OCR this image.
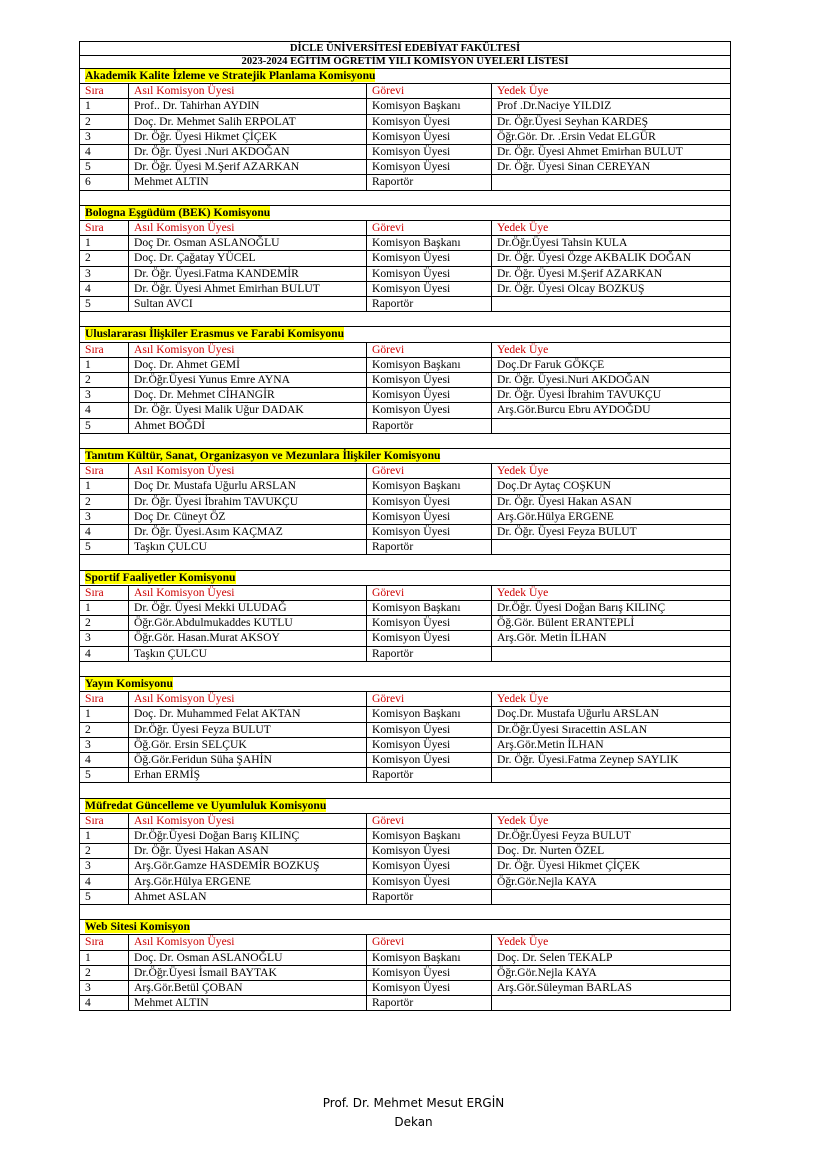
DİCLE ÜNİVERSİTESİ EDEBİYAT FAKÜLTESİ			
2023-2024 EĞİTİM ÖĞRETİM YILI KOMİSYON ÜYELERİ LİSTESİ			
Akademik Kalite İzleme ve Stratejik Planlama Komisyonu			
Sıra	Asıl Komisyon Üyesi	Görevi	Yedek Üye
1	Prof.. Dr. Tahirhan AYDIN	Komisyon Başkanı	Prof .Dr.Naciye YILDIZ
2	Doç. Dr. Mehmet Salih ERPOLAT	Komisyon Üyesi	Dr. Öğr.Üyesi Seyhan KARDEŞ
3	Dr. Öğr. Üyesi Hikmet ÇİÇEK	Komisyon Üyesi	Öğr.Gör. Dr. .Ersin Vedat ELGÜR
4	Dr. Öğr. Üyesi .Nuri AKDOĞAN	Komisyon Üyesi	Dr. Öğr. Üyesi Ahmet Emirhan BULUT
5	Dr. Öğr. Üyesi M.Şerif AZARKAN	Komisyon Üyesi	Dr. Öğr. Üyesi Sinan CEREYAN
6	Mehmet ALTIN	Raportör	

Bologna Eşgüdüm (BEK) Komisyonu			
Sıra	Asıl Komisyon Üyesi	Görevi	Yedek Üye
1	Doç Dr. Osman ASLANOĞLU	Komisyon Başkanı	Dr.Öğr.Üyesi Tahsin KULA
2	Doç. Dr. Çağatay YÜCEL	Komisyon Üyesi	Dr. Öğr. Üyesi Özge AKBALIK DOĞAN
3	Dr. Öğr. Üyesi.Fatma KANDEMİR	Komisyon Üyesi	Dr. Öğr. Üyesi M.Şerif AZARKAN
4	Dr. Öğr. Üyesi Ahmet Emirhan BULUT	Komisyon Üyesi	Dr. Öğr. Üyesi Olcay BOZKUŞ
5	Sultan AVCI	Raportör	

Uluslararası İlişkiler Erasmus ve Farabi Komisyonu			
Sıra	Asıl Komisyon Üyesi	Görevi	Yedek Üye
1	Doç. Dr. Ahmet GEMİ	Komisyon Başkanı	Doç.Dr Faruk GÖKÇE
2	Dr.Öğr.Üyesi Yunus Emre AYNA	Komisyon Üyesi	Dr. Öğr. Üyesi.Nuri AKDOĞAN
3	Doç. Dr. Mehmet CİHANGİR	Komisyon Üyesi	Dr. Öğr. Üyesi İbrahim TAVUKÇU
4	Dr. Öğr. Üyesi Malik Uğur DADAK	Komisyon Üyesi	Arş.Gör.Burcu Ebru AYDOĞDU
5	Ahmet BOĞDİ	Raportör	

Tanıtım Kültür, Sanat, Organizasyon ve Mezunlara İlişkiler Komisyonu			
Sıra	Asıl Komisyon Üyesi	Görevi	Yedek Üye
1	Doç Dr. Mustafa Uğurlu ARSLAN	Komisyon Başkanı	Doç.Dr Aytaç COŞKUN
2	Dr. Öğr. Üyesi İbrahim TAVUKÇU	Komisyon Üyesi	Dr. Öğr. Üyesi Hakan ASAN
3	Doç Dr. Cüneyt ÖZ	Komisyon Üyesi	Arş.Gör.Hülya ERGENE
4	Dr. Öğr. Üyesi.Asım KAÇMAZ	Komisyon Üyesi	Dr. Öğr. Üyesi Feyza BULUT
5	Taşkın ÇULCU	Raportör	

Sportif Faaliyetler Komisyonu			
Sıra	Asıl Komisyon Üyesi	Görevi	Yedek Üye
1	Dr. Öğr. Üyesi Mekki ULUDAĞ	Komisyon Başkanı	Dr.Öğr. Üyesi Doğan Barış KILINÇ
2	Öğr.Gör.Abdulmukaddes KUTLU	Komisyon Üyesi	Öğ.Gör. Bülent ERANTEPLİ
3	Öğr.Gör. Hasan.Murat AKSOY	Komisyon Üyesi	Arş.Gör. Metin İLHAN
4	Taşkın ÇULCU	Raportör	

Yayın Komisyonu			
Sıra	Asıl Komisyon Üyesi	Görevi	Yedek Üye
1	Doç. Dr. Muhammed Felat AKTAN	Komisyon Başkanı	Doç.Dr. Mustafa Uğurlu ARSLAN
2	Dr.Öğr. Üyesi Feyza BULUT	Komisyon Üyesi	Dr.Öğr.Üyesi Sıracettin ASLAN
3	Öğ.Gör. Ersin SELÇUK	Komisyon Üyesi	Arş.Gör.Metin İLHAN
4	Öğ.Gör.Feridun Süha ŞAHİN	Komisyon Üyesi	Dr. Öğr. Üyesi.Fatma Zeynep SAYLIK
5	Erhan ERMİŞ	Raportör	

Müfredat Güncelleme ve Uyumluluk Komisyonu			
Sıra	Asıl Komisyon Üyesi	Görevi	Yedek Üye
1	Dr.Öğr.Üyesi Doğan Barış KILINÇ	Komisyon Başkanı	Dr.Öğr.Üyesi Feyza BULUT
2	Dr. Öğr. Üyesi Hakan ASAN	Komisyon Üyesi	Doç. Dr. Nurten ÖZEL
3	Arş.Gör.Gamze HASDEMİR BOZKUŞ	Komisyon Üyesi	Dr. Öğr. Üyesi Hikmet ÇİÇEK
4	Arş.Gör.Hülya ERGENE	Komisyon Üyesi	Öğr.Gör.Nejla KAYA
5	Ahmet ASLAN	Raportör	

Web Sitesi Komisyon			
Sıra	Asıl Komisyon Üyesi	Görevi	Yedek Üye
1	Doç. Dr. Osman ASLANOĞLU	Komisyon Başkanı	Doç. Dr. Selen TEKALP
2	Dr.Öğr.Üyesi İsmail BAYTAK	Komisyon Üyesi	Öğr.Gör.Nejla KAYA
3	Arş.Gör.Betül ÇOBAN	Komisyon Üyesi	Arş.Gör.Süleyman BARLAS
4	Mehmet ALTIN	Raportör	
Prof. Dr. Mehmet Mesut ERGİN
Dekan
